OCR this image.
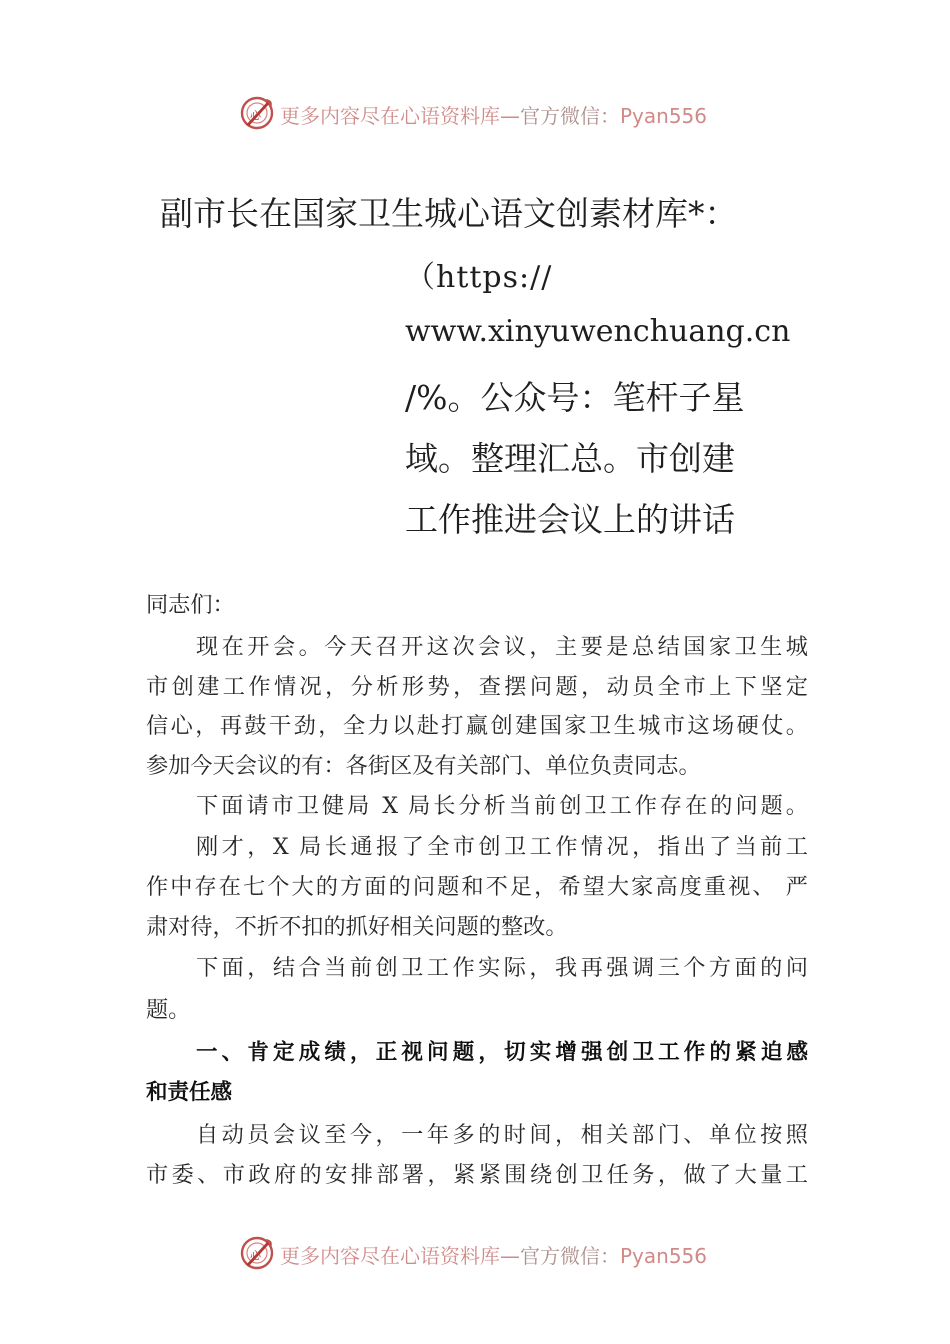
心 更多内容尽在心语资料库—官方微信：Pyan556
副市长在国家卫生城心语文创素材库*：
（https://
www.xinyuwenchuang.cn
/%。公众号：笔杆子星
域。整理汇总。市创建
工作推进会议上的讲话
同志们：
现在开会。今天召开这次会议，主要是总结国家卫生城
市创建工作情况，分析形势，查摆问题，动员全市上下坚定
信心，再鼓干劲，全力以赴打赢创建国家卫生城市这场硬仗。
参加今天会议的有：各街区及有关部门、单位负责同志。
下面请市卫健局 X 局长分析当前创卫工作存在的问题。
刚才，X 局长通报了全市创卫工作情况，指出了当前工
作中存在七个大的方面的问题和不足，希望大家高度重视、 严
肃对待，不折不扣的抓好相关问题的整改。
下面，结合当前创卫工作实际，我再强调三个方面的问
题。
一、肯定成绩，正视问题，切实增强创卫工作的紧迫感
和责任感
自动员会议至今，一年多的时间，相关部门、单位按照
市委、市政府的安排部署，紧紧围绕创卫任务，做了大量工
心 更多内容尽在心语资料库—官方微信：Pyan556
